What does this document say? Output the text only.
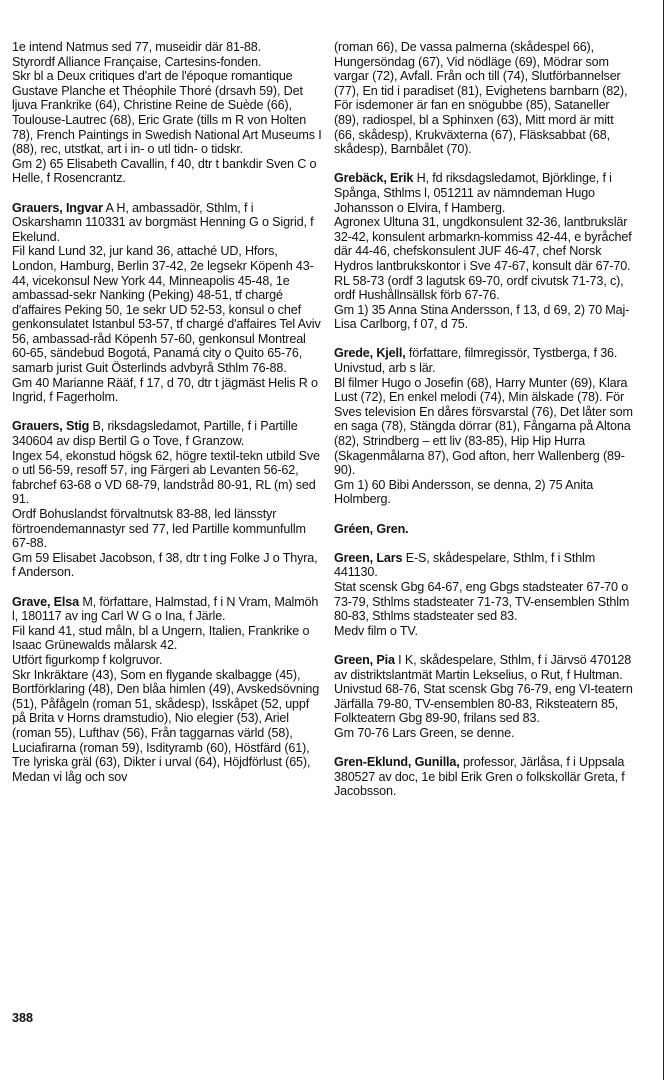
1e intend Natmus sed 77, museidir där 81-88.

Styrordf Alliance Française, Cartesins-fonden.

Skr bl a Deux critiques d'art de l'époque romantique Gustave Planche et Théophile Thoré (drsavh 59), Det ljuva Frankrike (64), Christine Reine de Suède (66), Toulouse-Lautrec (68), Eric Grate (tills m R von Holten 78), French Paintings in Swedish National Art Museums I (88), rec, utstkat, art i in- o utl tidn- o tidskr.

Gm 2) 65 Elisabeth Cavallin, f 40, dtr t bankdir Sven C o Helle, f Rosencrantz.

Grauers, Ingvar A H, ambassadör, Sthlm, f i Oskarshamn 110331 av borgmäst Henning G o Sigrid, f Ekelund.

Fil kand Lund 32, jur kand 36, attaché UD, Hfors, London, Hamburg, Berlin 37-42, 2e legsekr Köpenh 43-44, vicekonsul New York 44, Minneapolis 45-48, 1e ambassad-sekr Nanking (Peking) 48-51, tf chargé d'affaires Peking 50, 1e sekr UD 52-53, konsul o chef genkonsulatet Istanbul 53-57, tf chargé d'affaires Tel Aviv 56, ambassad-råd Köpenh 57-60, genkonsul Montreal 60-65, sändebud Bogotá, Panamá city o Quito 65-76, samarb jurist Guit Österlinds advbyrå Sthlm 76-88.

Gm 40 Marianne Rääf, f 17, d 70, dtr t jägmäst Helis R o Ingrid, f Fagerholm.

Grauers, Stig B, riksdagsledamot, Partille, f i Partille 340604 av disp Bertil G o Tove, f Granzow.

Ingex 54, ekonstud högsk 62, högre textil-tekn utbild Sve o utl 56-59, resoff 57, ing Färgeri ab Levanten 56-62, fabrchef 63-68 o VD 68-79, landstråd 80-91, RL (m) sed 91.

Ordf Bohuslandst förvaltnutsk 83-88, led länsstyr förtroendemannastyr sed 77, led Partille kommunfullm 67-88.

Gm 59 Elisabet Jacobson, f 38, dtr t ing Folke J o Thyra, f Anderson.

Grave, Elsa M, författare, Halmstad, f i N Vram, Malmöh l, 180117 av ing Carl W G o Ina, f Järle.

Fil kand 41, stud måln, bl a Ungern, Italien, Frankrike o Isaac Grünewalds målarsk 42.

Utfört figurkomp f kolgruvor.

Skr Inkräktare (43), Som en flygande skalbagge (45), Bortförklaring (48), Den blåa himlen (49), Avskedsövning (51), Påfågeln (roman 51, skådesp), Isskåpet (52, uppf på Brita v Horns dramstudio), Nio elegier (53), Ariel (roman 55), Lufthav (56), Från taggarnas värld (58), Luciafirarna (roman 59), Isdityramb (60), Höstfärd (61), Tre lyriska gräl (63), Dikter i urval (64), Höjdförlust (65), Medan vi låg och sov

(roman 66), De vassa palmerna (skådespel 66), Hungersöndag (67), Vid nödläge (69), Mödrar som vargar (72), Avfall. Från och till (74), Slutförbannelser (77), En tid i paradiset (81), Evighetens barnbarn (82), För isdemoner är fan en snögubbe (85), Sataneller (89), radiospel, bl a Sphinxen (63), Mitt mord är mitt (66, skådesp), Krukväxterna (67), Fläsksabbat (68, skådesp), Barnbålet (70).

Grebäck, Erik H, fd riksdagsledamot, Björklinge, f i Spånga, Sthlms l, 051211 av nämndeman Hugo Johansson o Elvira, f Hamberg.

Agronex Ultuna 31, ungdkonsulent 32-36, lantbrukslär 32-42, konsulent arbmarkn-kommiss 42-44, e byråchef där 44-46, chefskonsulent JUF 46-47, chef Norsk Hydros lantbrukskontor i Sve 47-67, konsult där 67-70.

RL 58-73 (ordf 3 lagutsk 69-70, ordf civutsk 71-73, c), ordf Hushållnsällsk förb 67-76.

Gm 1) 35 Anna Stina Andersson, f 13, d 69, 2) 70 Maj-Lisa Carlborg, f 07, d 75.

Grede, Kjell, författare, filmregissör, Tystberga, f 36.

Univstud, arb s lär.

Bl filmer Hugo o Josefin (68), Harry Munter (69), Klara Lust (72), En enkel melodi (74), Min älskade (78). För Sves television En dåres försvarstal (76), Det låter som en saga (78), Stängda dörrar (81), Fångarna på Altona (82), Strindberg – ett liv (83-85), Hip Hip Hurra (Skagenmålarna 87), God afton, herr Wallenberg (89-90).

Gm 1) 60 Bibi Andersson, se denna, 2) 75 Anita Holmberg.

Gréen, Gren.

Green, Lars E-S, skådespelare, Sthlm, f i Sthlm 441130.

Stat scensk Gbg 64-67, eng Gbgs stadsteater 67-70 o 73-79, Sthlms stadsteater 71-73, TV-ensemblen Sthlm 80-83, Sthlms stadsteater sed 83.

Medv film o TV.

Green, Pia I K, skådespelare, Sthlm, f i Järvsö 470128 av distriktslantmät Martin Lekselius, o Rut, f Hultman.

Univstud 68-76, Stat scensk Gbg 76-79, eng VI-teatern Järfälla 79-80, TV-ensemblen 80-83, Riksteatern 85, Folkteatern Gbg 89-90, frilans sed 83.

Gm 70-76 Lars Green, se denne.

Gren-Eklund, Gunilla, professor, Järlåsa, f i Uppsala 380527 av doc, 1e bibl Erik Gren o folkskollär Greta, f Jacobsson.

388
